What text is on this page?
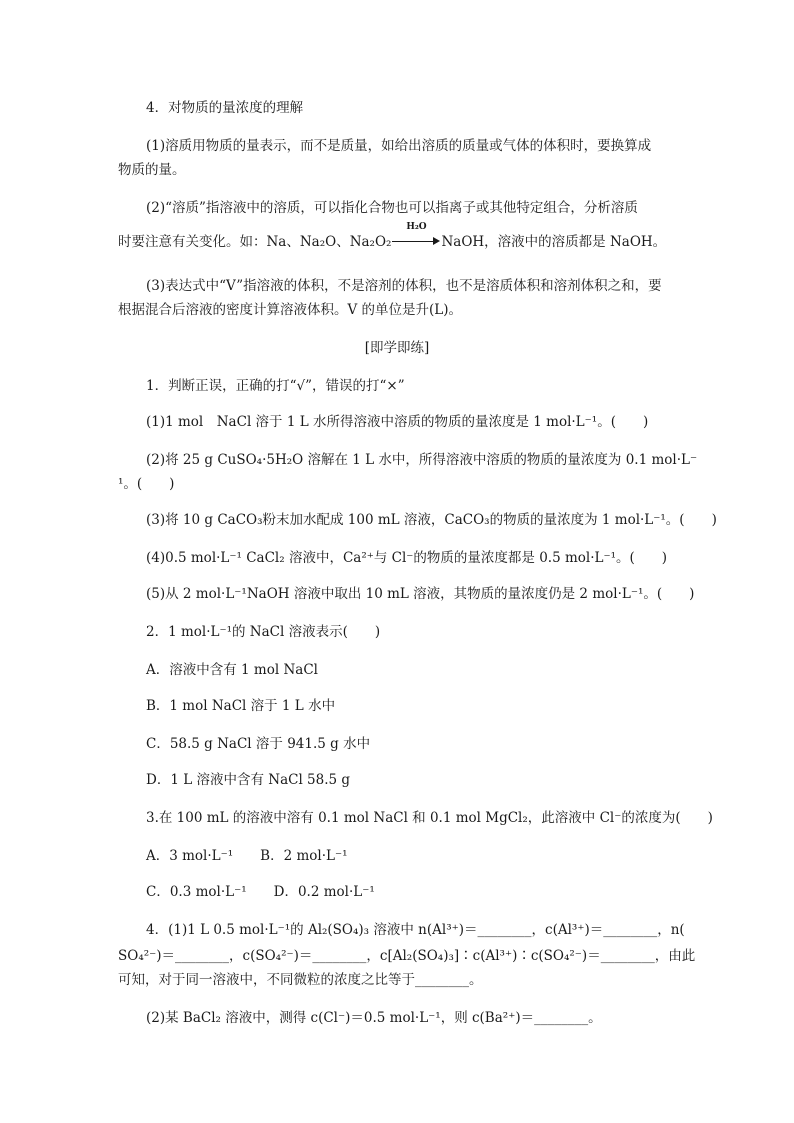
4．对物质的量浓度的理解
(1)溶质用物质的量表示，而不是质量，如给出溶质的质量或气体的体积时，要换算成
物质的量。
(2)“溶质”指溶液中的溶质，可以指化合物也可以指离子或其他特定组合，分析溶质
时要注意有关变化。如：Na、Na₂O、Na₂O₂
H₂O
NaOH，溶液中的溶质都是 NaOH。
(3)表达式中“V”指溶液的体积，不是溶剂的体积，也不是溶质体积和溶剂体积之和，要
根据混合后溶液的密度计算溶液体积。V 的单位是升(L)。
[即学即练]
1．判断正误，正确的打“√”，错误的打“×”
(1)1 mol　NaCl 溶于 1 L 水所得溶液中溶质的物质的量浓度是 1 mol·L⁻¹。(　　)
(2)将 25 g CuSO₄·5H₂O 溶解在 1 L 水中，所得溶液中溶质的物质的量浓度为 0.1 mol·L⁻
¹。(　　)
(3)将 10 g CaCO₃粉末加水配成 100 mL 溶液，CaCO₃的物质的量浓度为 1 mol·L⁻¹。(　　)
(4)0.5 mol·L⁻¹ CaCl₂ 溶液中，Ca²⁺与 Cl⁻的物质的量浓度都是 0.5 mol·L⁻¹。(　　)
(5)从 2 mol·L⁻¹NaOH 溶液中取出 10 mL 溶液，其物质的量浓度仍是 2 mol·L⁻¹。(　　)
2．1 mol·L⁻¹的 NaCl 溶液表示(　　)
A．溶液中含有 1 mol NaCl
B．1 mol NaCl 溶于 1 L 水中
C．58.5 g NaCl 溶于 941.5 g 水中
D．1 L 溶液中含有 NaCl 58.5 g
3.在 100 mL 的溶液中溶有 0.1 mol NaCl 和 0.1 mol MgCl₂，此溶液中 Cl⁻的浓度为(　　)
A．3 mol·L⁻¹　　B．2 mol·L⁻¹
C．0.3 mol·L⁻¹　　D．0.2 mol·L⁻¹
4．(1)1 L 0.5 mol·L⁻¹的 Al₂(SO₄)₃ 溶液中 n(Al³⁺)＝________，c(Al³⁺)＝________，n(
SO₄²⁻)＝________，c(SO₄²⁻)＝________，c[Al₂(SO₄)₃]∶c(Al³⁺)∶c(SO₄²⁻)＝________，由此
可知，对于同一溶液中，不同微粒的浓度之比等于________。
(2)某 BaCl₂ 溶液中，测得 c(Cl⁻)＝0.5 mol·L⁻¹，则 c(Ba²⁺)＝________。
